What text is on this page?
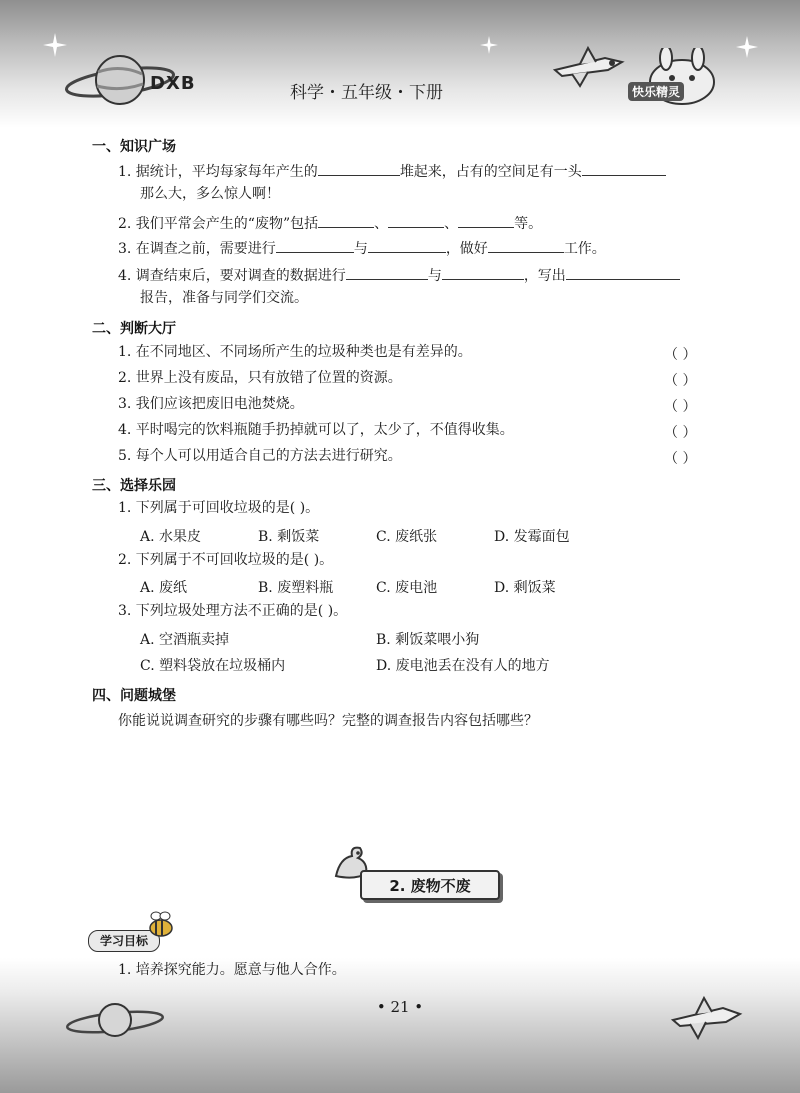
DXB	科学・五年级・下册	快乐精灵
一、知识广场
1. 据统计，平均每家每年产生的	堆起来，占有的空间足有一头
那么大，多么惊人啊！
2. 我们平常会产生的“废物”包括	、	、	等。
3. 在调查之前，需要进行	与	，做好	工作。
4. 调查结束后，要对调查的数据进行	与	，写出
报告，准备与同学们交流。
二、判断大厅
1. 在不同地区、不同场所产生的垃圾种类也是有差异的。	（ ）
2. 世界上没有废品，只有放错了位置的资源。	（ ）
3. 我们应该把废旧电池焚烧。	（ ）
4. 平时喝完的饮料瓶随手扔掉就可以了，太少了，不值得收集。	（ ）
5. 每个人可以用适合自己的方法去进行研究。	（ ）
三、选择乐园
1. 下列属于可回收垃圾的是( )。
A. 水果皮	B. 剩饭菜	C. 废纸张	D. 发霉面包
2. 下列属于不可回收垃圾的是( )。
A. 废纸	B. 废塑料瓶	C. 废电池	D. 剩饭菜
3. 下列垃圾处理方法不正确的是( )。
A. 空酒瓶卖掉	B. 剩饭菜喂小狗
C. 塑料袋放在垃圾桶内	D. 废电池丢在没有人的地方
四、问题城堡
你能说说调查研究的步骤有哪些吗？完整的调查报告内容包括哪些？
2. 废物不废
学习目标
1. 培养探究能力。愿意与他人合作。
• 21 •
